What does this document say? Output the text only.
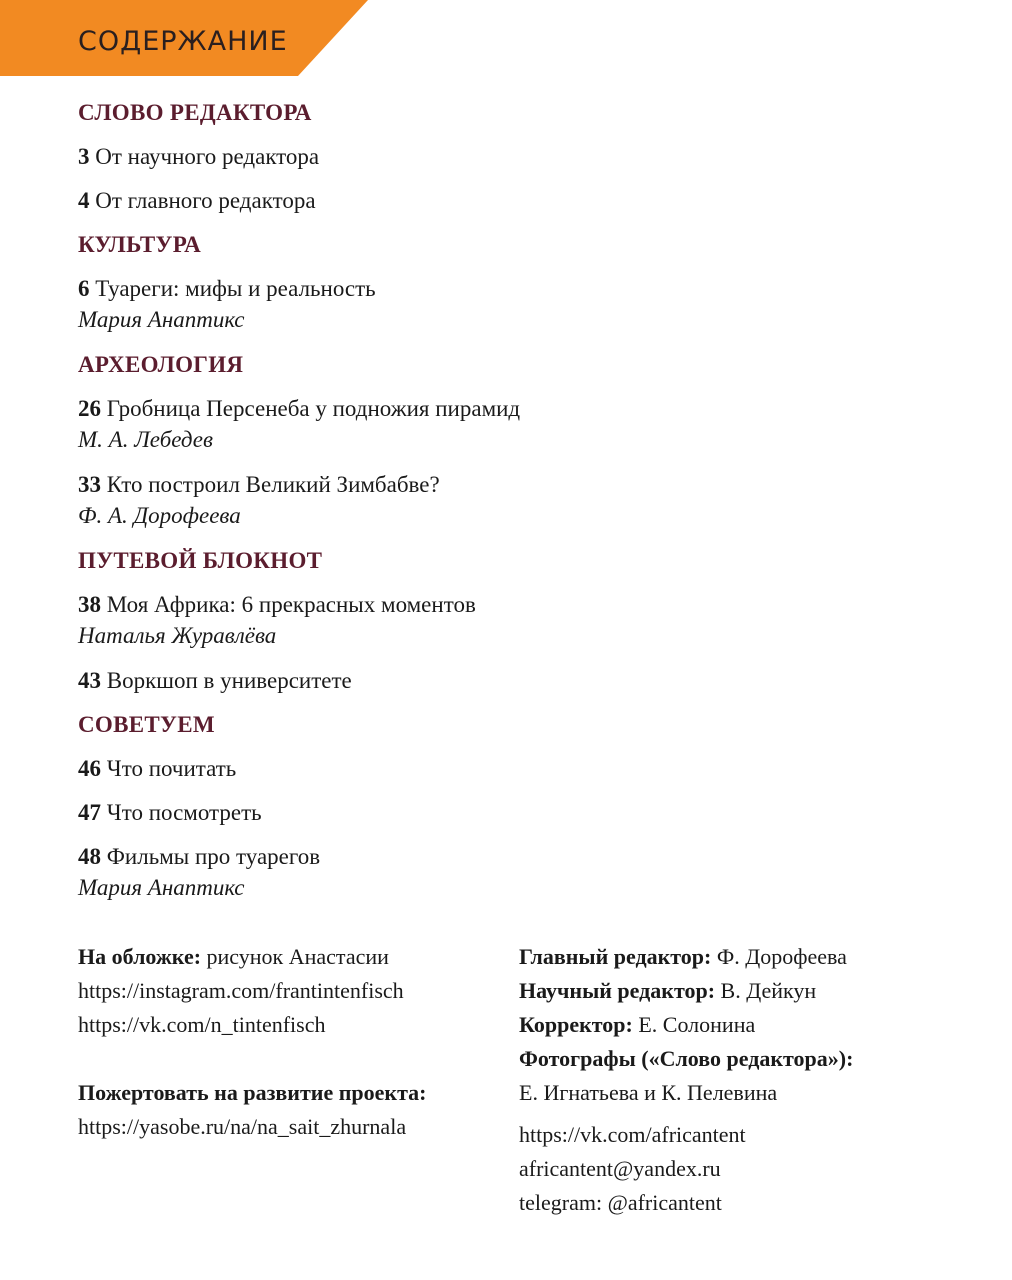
СОДЕРЖАНИЕ
СЛОВО РЕДАКТОРА
3 От научного редактора
4 От главного редактора
КУЛЬТУРА
6 Туареги: мифы и реальность
Мария Анаптикс
АРХЕОЛОГИЯ
26 Гробница Персенеба у подножия пирамид
М. А. Лебедев
33 Кто построил Великий Зимбабве?
Ф. А. Дорофеева
ПУТЕВОЙ БЛОКНОТ
38 Моя Африка: 6 прекрасных моментов
Наталья Журавлёва
43 Воркшоп в университете
СОВЕТУЕМ
46 Что почитать
47 Что посмотреть
48 Фильмы про туарегов
Мария Анаптикс
На обложке: рисунок Анастасии
https://instagram.com/frantintenfisch
https://vk.com/n_tintenfisch
Пожертовать на развитие проекта:
https://yasobe.ru/na/na_sait_zhurnala
Главный редактор: Ф. Дорофеева
Научный редактор: В. Дейкун
Корректор: Е. Солонина
Фотографы («Слово редактора»):
Е. Игнатьева и К. Пелевина
https://vk.com/africantent
africantent@yandex.ru
telegram: @africantent
